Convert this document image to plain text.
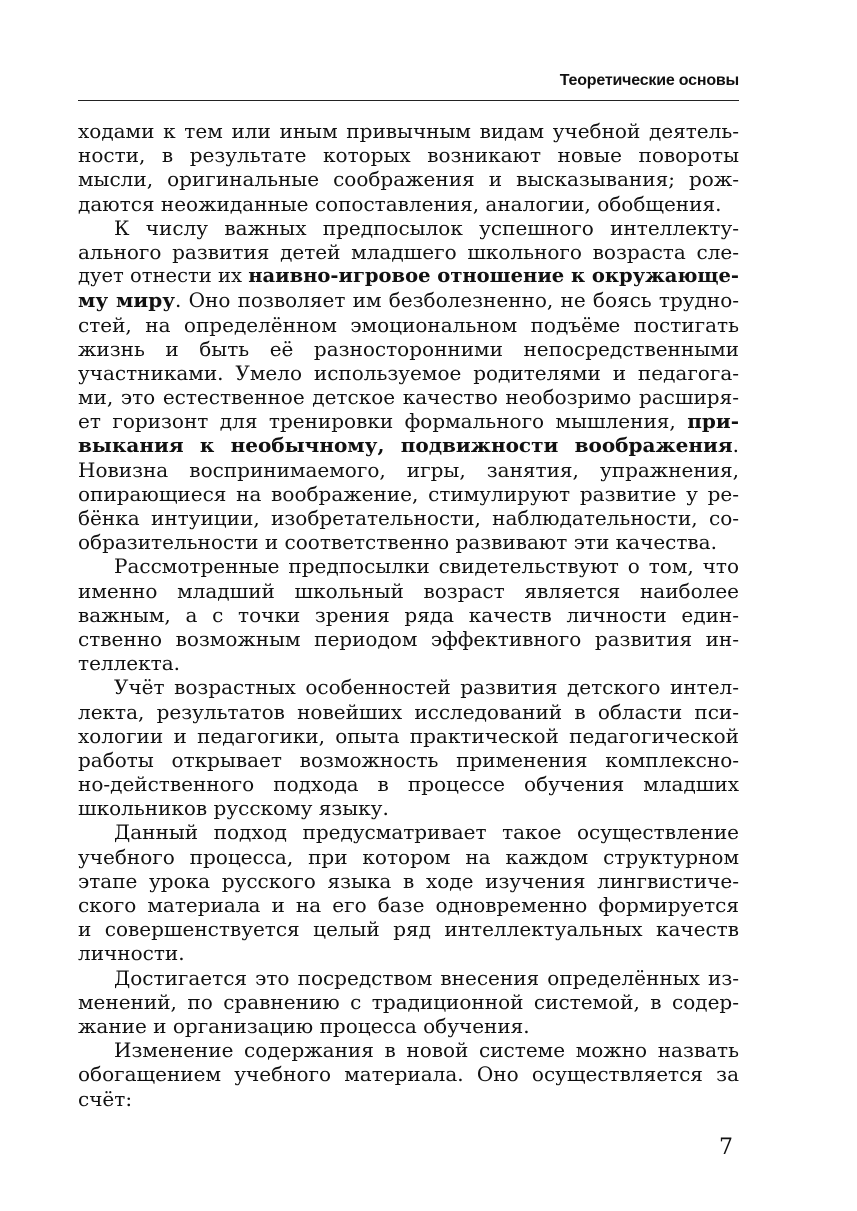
Теоретические основы
ходами к тем или иным привычным видам учебной деятель-
ности, в результате которых возникают новые повороты
мысли, оригинальные соображения и высказывания; рож-
даются неожиданные сопоставления, аналогии, обобщения.
К числу важных предпосылок успешного интеллекту-
ального развития детей младшего школьного возраста сле-
дует отнести их наивно-игровое отношение к окружающе-
му миру. Оно позволяет им безболезненно, не боясь трудно-
стей, на определённом эмоциональном подъёме постигать
жизнь и быть её разносторонними непосредственными
участниками. Умело используемое родителями и педагога-
ми, это естественное детское качество необозримо расширя-
ет горизонт для тренировки формального мышления, при-
выкания к необычному, подвижности воображения.
Новизна воспринимаемого, игры, занятия, упражнения,
опирающиеся на воображение, стимулируют развитие у ре-
бёнка интуиции, изобретательности, наблюдательности, со-
образительности и соответственно развивают эти качества.
Рассмотренные предпосылки свидетельствуют о том, что
именно младший школьный возраст является наиболее
важным, а с точки зрения ряда качеств личности един-
ственно возможным периодом эффективного развития ин-
теллекта.
Учёт возрастных особенностей развития детского интел-
лекта, результатов новейших исследований в области пси-
хологии и педагогики, опыта практической педагогической
работы открывает возможность применения комплексно-
но-действенного подхода в процессе обучения младших
школьников русскому языку.
Данный подход предусматривает такое осуществление
учебного процесса, при котором на каждом структурном
этапе урока русского языка в ходе изучения лингвистиче-
ского материала и на его базе одновременно формируется
и совершенствуется целый ряд интеллектуальных качеств
личности.
Достигается это посредством внесения определённых из-
менений, по сравнению с традиционной системой, в содер-
жание и организацию процесса обучения.
Изменение содержания в новой системе можно назвать
обогащением учебного материала. Оно осуществляется за
счёт:
7
